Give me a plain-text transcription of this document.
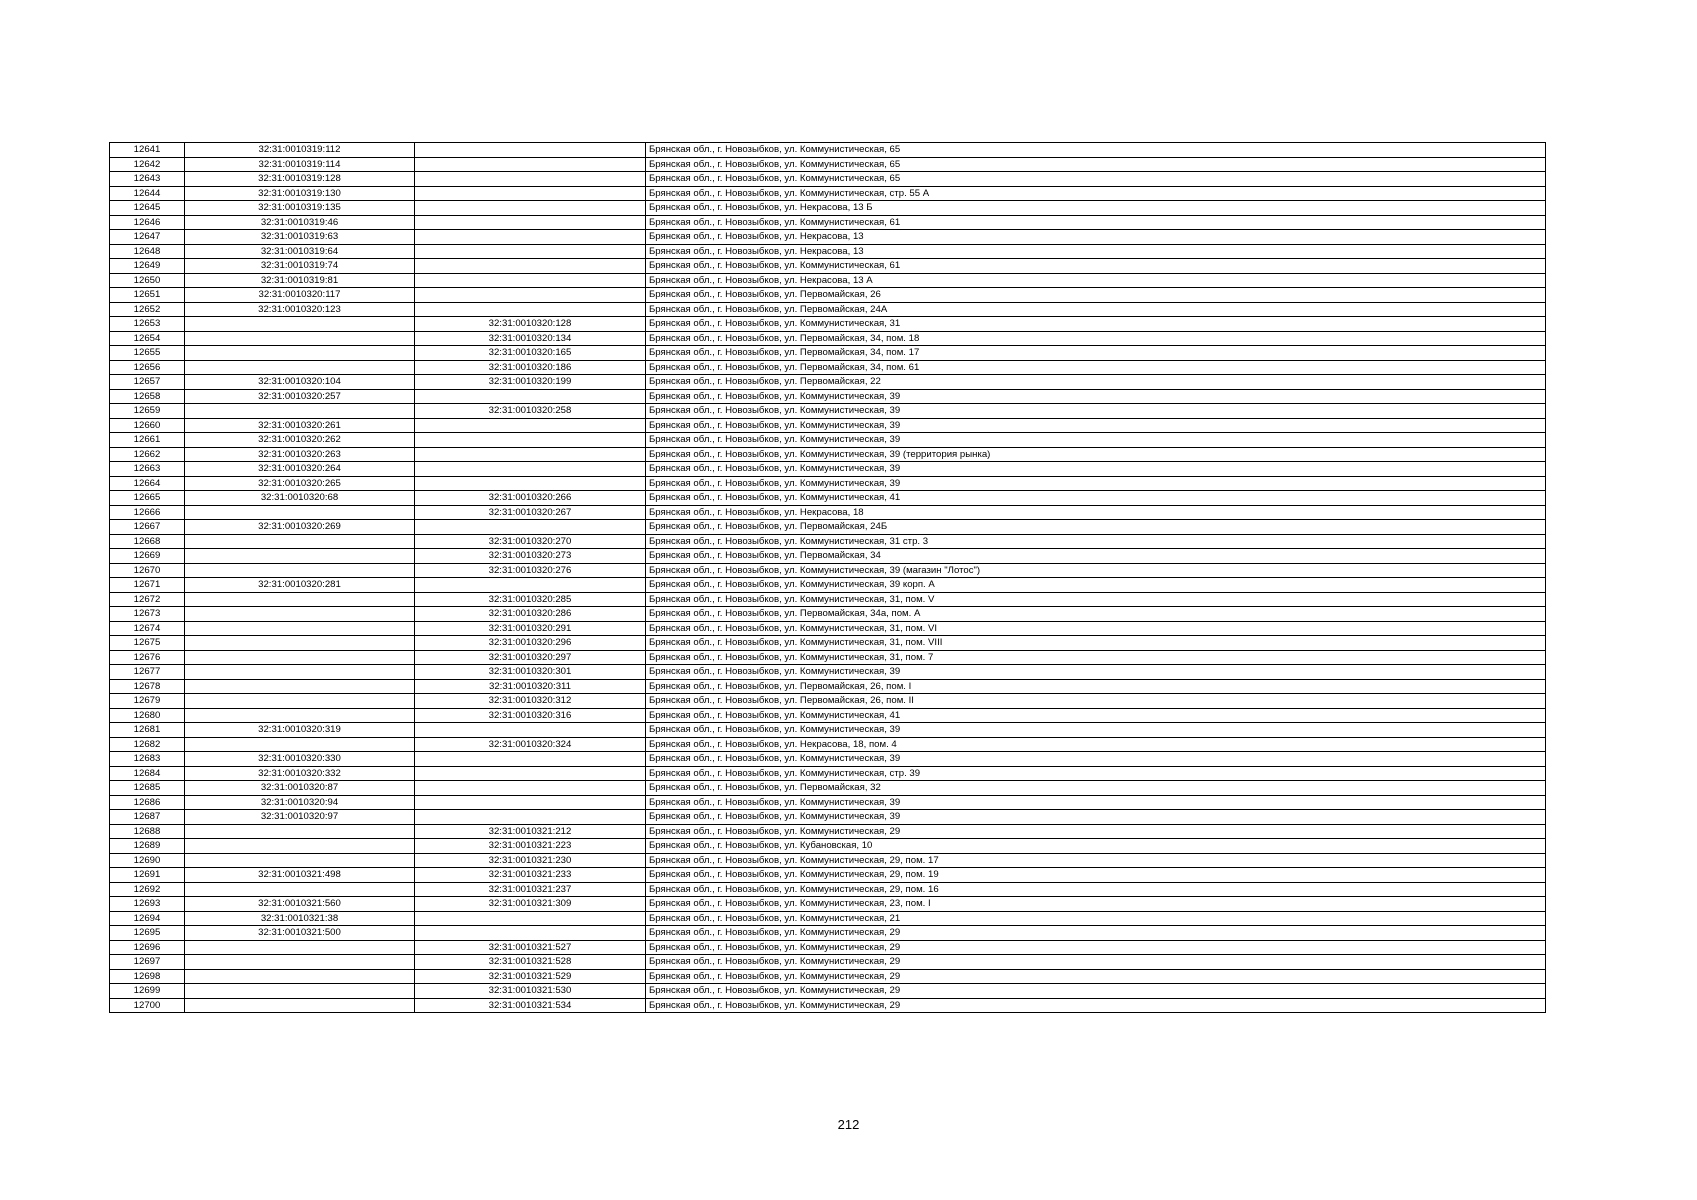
12641	32:31:0010319:112		Брянская обл., г. Новозыбков, ул. Коммунистическая, 65
12642	32:31:0010319:114		Брянская обл., г. Новозыбков, ул. Коммунистическая, 65
12643	32:31:0010319:128		Брянская обл., г. Новозыбков, ул. Коммунистическая, 65
12644	32:31:0010319:130		Брянская обл., г. Новозыбков, ул. Коммунистическая, стр. 55 А
12645	32:31:0010319:135		Брянская обл., г. Новозыбков, ул. Некрасова, 13 Б
12646	32:31:0010319:46		Брянская обл., г. Новозыбков, ул. Коммунистическая, 61
12647	32:31:0010319:63		Брянская обл., г. Новозыбков, ул. Некрасова, 13
12648	32:31:0010319:64		Брянская обл., г. Новозыбков, ул. Некрасова, 13
12649	32:31:0010319:74		Брянская обл., г. Новозыбков, ул. Коммунистическая, 61
12650	32:31:0010319:81		Брянская обл., г. Новозыбков, ул. Некрасова, 13 А
12651	32:31:0010320:117		Брянская обл., г. Новозыбков, ул. Первомайская, 26
12652	32:31:0010320:123		Брянская обл., г. Новозыбков, ул. Первомайская, 24А
12653		32:31:0010320:128	Брянская обл., г. Новозыбков, ул. Коммунистическая, 31
12654		32:31:0010320:134	Брянская обл., г. Новозыбков, ул. Первомайская, 34, пом. 18
12655		32:31:0010320:165	Брянская обл., г. Новозыбков, ул. Первомайская, 34, пом. 17
12656		32:31:0010320:186	Брянская обл., г. Новозыбков, ул. Первомайская, 34, пом. 61
12657	32:31:0010320:104	32:31:0010320:199	Брянская обл., г. Новозыбков, ул. Первомайская, 22
12658	32:31:0010320:257		Брянская обл., г. Новозыбков, ул. Коммунистическая, 39
12659		32:31:0010320:258	Брянская обл., г. Новозыбков, ул. Коммунистическая, 39
12660	32:31:0010320:261		Брянская обл., г. Новозыбков, ул. Коммунистическая, 39
12661	32:31:0010320:262		Брянская обл., г. Новозыбков, ул. Коммунистическая, 39
12662	32:31:0010320:263		Брянская обл., г. Новозыбков, ул. Коммунистическая, 39 (территория рынка)
12663	32:31:0010320:264		Брянская обл., г. Новозыбков, ул. Коммунистическая, 39
12664	32:31:0010320:265		Брянская обл., г. Новозыбков, ул. Коммунистическая, 39
12665	32:31:0010320:68	32:31:0010320:266	Брянская обл., г. Новозыбков, ул. Коммунистическая, 41
12666		32:31:0010320:267	Брянская обл., г. Новозыбков, ул. Некрасова, 18
12667	32:31:0010320:269		Брянская обл., г. Новозыбков, ул. Первомайская, 24Б
12668		32:31:0010320:270	Брянская обл., г. Новозыбков, ул. Коммунистическая, 31 стр. 3
12669		32:31:0010320:273	Брянская обл., г. Новозыбков, ул. Первомайская, 34
12670		32:31:0010320:276	Брянская обл., г. Новозыбков, ул. Коммунистическая, 39 (магазин "Лотос")
12671	32:31:0010320:281		Брянская обл., г. Новозыбков, ул. Коммунистическая, 39 корп. А
12672		32:31:0010320:285	Брянская обл., г. Новозыбков, ул. Коммунистическая, 31, пом. V
12673		32:31:0010320:286	Брянская обл., г. Новозыбков, ул. Первомайская, 34а, пом. А
12674		32:31:0010320:291	Брянская обл., г. Новозыбков, ул. Коммунистическая, 31, пом. VI
12675		32:31:0010320:296	Брянская обл., г. Новозыбков, ул. Коммунистическая, 31, пом. VIII
12676		32:31:0010320:297	Брянская обл., г. Новозыбков, ул. Коммунистическая, 31, пом. 7
12677		32:31:0010320:301	Брянская обл., г. Новозыбков, ул. Коммунистическая, 39
12678		32:31:0010320:311	Брянская обл., г. Новозыбков, ул. Первомайская, 26, пом. I
12679		32:31:0010320:312	Брянская обл., г. Новозыбков, ул. Первомайская, 26, пом. II
12680		32:31:0010320:316	Брянская обл., г. Новозыбков, ул. Коммунистическая, 41
12681	32:31:0010320:319		Брянская обл., г. Новозыбков, ул. Коммунистическая, 39
12682		32:31:0010320:324	Брянская обл., г. Новозыбков, ул. Некрасова, 18, пом. 4
12683	32:31:0010320:330		Брянская обл., г. Новозыбков, ул. Коммунистическая, 39
12684	32:31:0010320:332		Брянская обл., г. Новозыбков, ул. Коммунистическая, стр. 39
12685	32:31:0010320:87		Брянская обл., г. Новозыбков, ул. Первомайская, 32
12686	32:31:0010320:94		Брянская обл., г. Новозыбков, ул. Коммунистическая, 39
12687	32:31:0010320:97		Брянская обл., г. Новозыбков, ул. Коммунистическая, 39
12688		32:31:0010321:212	Брянская обл., г. Новозыбков, ул. Коммунистическая, 29
12689		32:31:0010321:223	Брянская обл., г. Новозыбков, ул. Кубановская, 10
12690		32:31:0010321:230	Брянская обл., г. Новозыбков, ул. Коммунистическая, 29, пом. 17
12691	32:31:0010321:498	32:31:0010321:233	Брянская обл., г. Новозыбков, ул. Коммунистическая, 29, пом. 19
12692		32:31:0010321:237	Брянская обл., г. Новозыбков, ул. Коммунистическая, 29, пом. 16
12693	32:31:0010321:560	32:31:0010321:309	Брянская обл., г. Новозыбков, ул. Коммунистическая, 23, пом. I
12694	32:31:0010321:38		Брянская обл., г. Новозыбков, ул. Коммунистическая, 21
12695	32:31:0010321:500		Брянская обл., г. Новозыбков, ул. Коммунистическая, 29
12696		32:31:0010321:527	Брянская обл., г. Новозыбков, ул. Коммунистическая, 29
12697		32:31:0010321:528	Брянская обл., г. Новозыбков, ул. Коммунистическая, 29
12698		32:31:0010321:529	Брянская обл., г. Новозыбков, ул. Коммунистическая, 29
12699		32:31:0010321:530	Брянская обл., г. Новозыбков, ул. Коммунистическая, 29
12700		32:31:0010321:534	Брянская обл., г. Новозыбков, ул. Коммунистическая, 29
212
